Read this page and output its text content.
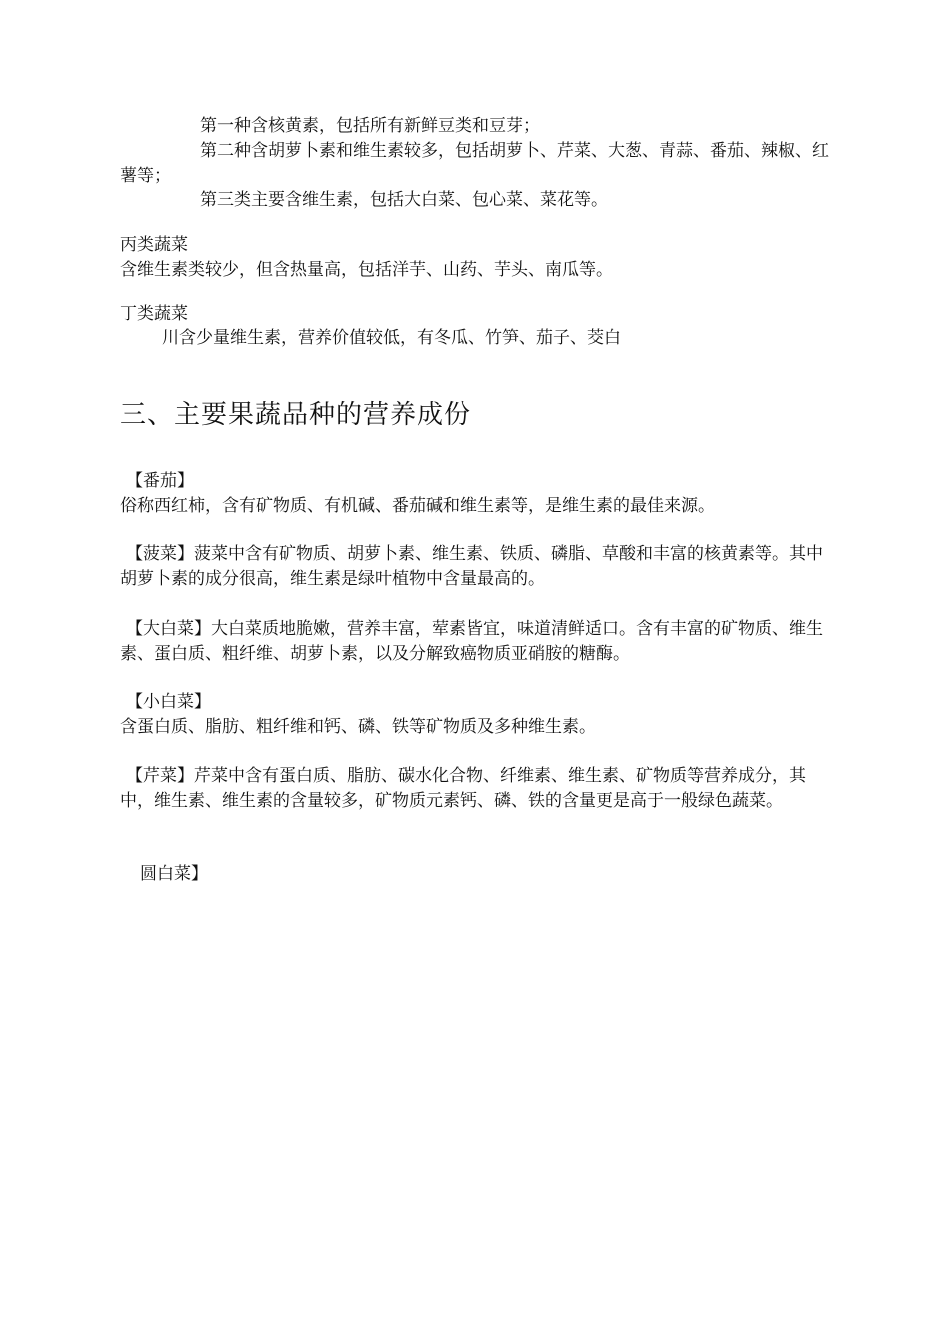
第一种含核黄素，包括所有新鲜豆类和豆芽；
第二种含胡萝卜素和维生素较多，包括胡萝卜、芹菜、大葱、青蒜、番茄、辣椒、红薯等；
第三类主要含维生素，包括大白菜、包心菜、菜花等。
丙类蔬菜
含维生素类较少，但含热量高，包括洋芋、山药、芋头、南瓜等。
丁类蔬菜
川含少量维生素，营养价值较低，有冬瓜、竹笋、茄子、茭白
三、主要果蔬品种的营养成份
【番茄】
俗称西红柿，含有矿物质、有机碱、番茄碱和维生素等，是维生素的最佳来源。
【菠菜】菠菜中含有矿物质、胡萝卜素、维生素、铁质、磷脂、草酸和丰富的核黄素等。其中胡萝卜素的成分很高，维生素是绿叶植物中含量最高的。
【大白菜】大白菜质地脆嫩，营养丰富，荤素皆宜，味道清鲜适口。含有丰富的矿物质、维生素、蛋白质、粗纤维、胡萝卜素，以及分解致癌物质亚硝胺的糖酶。
【小白菜】
含蛋白质、脂肪、粗纤维和钙、磷、铁等矿物质及多种维生素。
【芹菜】芹菜中含有蛋白质、脂肪、碳水化合物、纤维素、维生素、矿物质等营养成分，其中，维生素、维生素的含量较多，矿物质元素钙、磷、铁的含量更是高于一般绿色蔬菜。
圆白菜】
